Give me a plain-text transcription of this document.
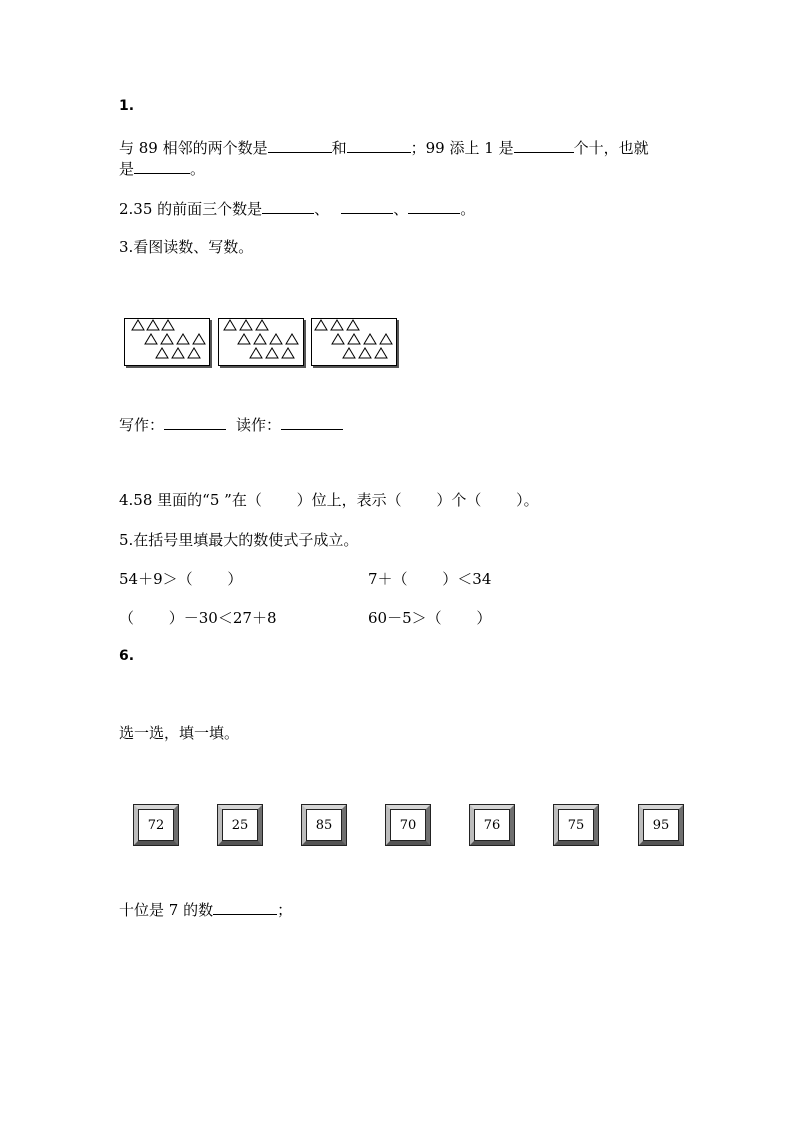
1.
与 89 相邻的两个数是	和	；99 添上 1 是	个十，也就
是	。
2.35 的前面三个数是	、	、	。
3.看图读数、写数。
写作：	读作：
4.58 里面的“5 ”在（　　 ）位上，表示（　　 ）个（　　 ）。
5.在括号里填最大的数使式子成立。
54＋9＞（　　 ）	7＋（　　 ）＜34
（　　 ）－30＜27＋8	60－5＞（　　 ）
6.
选一选，填一填。
72	25	85	70	76	75	95
十位是 7 的数	；
